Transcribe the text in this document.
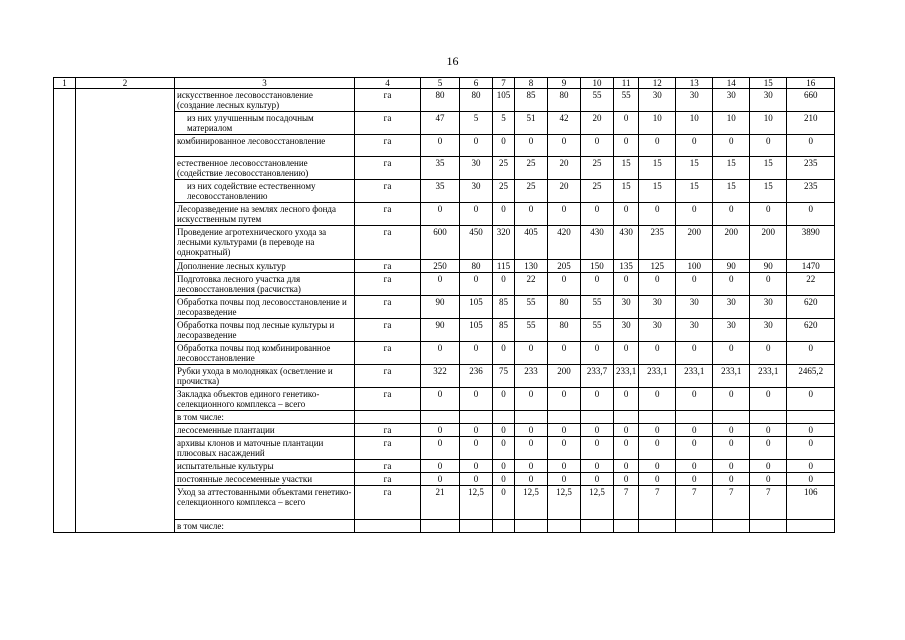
16
1	2	3	4	5	6	7	8	9	10	11	12	13	14	15	16
		искусственное лесовосстановление (создание лесных культур)	га	80	80	105	85	80	55	55	30	30	30	30	660
		из них улучшенным посадочным материалом	га	47	5	5	51	42	20	0	10	10	10	10	210
		комбинированное лесовосстановление	га	0	0	0	0	0	0	0	0	0	0	0	0
		естественное лесовосстановление (содействие лесовосстановлению)	га	35	30	25	25	20	25	15	15	15	15	15	235
		из них содействие естественному лесовосстановлению	га	35	30	25	25	20	25	15	15	15	15	15	235
		Лесоразведение на землях лесного фонда искусственным путем	га	0	0	0	0	0	0	0	0	0	0	0	0
		Проведение агротехнического ухода за лесными культурами (в переводе на однократный)	га	600	450	320	405	420	430	430	235	200	200	200	3890
		Дополнение лесных культур	га	250	80	115	130	205	150	135	125	100	90	90	1470
		Подготовка лесного участка для лесовосстановления (расчистка)	га	0	0	0	22	0	0	0	0	0	0	0	22
		Обработка почвы под лесовосстановление и лесоразведение	га	90	105	85	55	80	55	30	30	30	30	30	620
		Обработка почвы под лесные культуры и лесоразведение	га	90	105	85	55	80	55	30	30	30	30	30	620
		Обработка почвы под комбинированное лесовосстановление	га	0	0	0	0	0	0	0	0	0	0	0	0
		Рубки ухода в молодняках (осветление и прочистка)	га	322	236	75	233	200	233,7	233,1	233,1	233,1	233,1	233,1	2465,2
		Закладка объектов единого генетико-селекционного комплекса – всего	га	0	0	0	0	0	0	0	0	0	0	0	0
		в том числе:													
		лесосеменные плантации	га	0	0	0	0	0	0	0	0	0	0	0	0
		архивы клонов и маточные плантации плюсовых насаждений	га	0	0	0	0	0	0	0	0	0	0	0	0
		испытательные культуры	га	0	0	0	0	0	0	0	0	0	0	0	0
		постоянные лесосеменные участки	га	0	0	0	0	0	0	0	0	0	0	0	0
		Уход за аттестованными объектами генетико-селекционного комплекса – всего	га	21	12,5	0	12,5	12,5	12,5	7	7	7	7	7	106
		в том числе:													
